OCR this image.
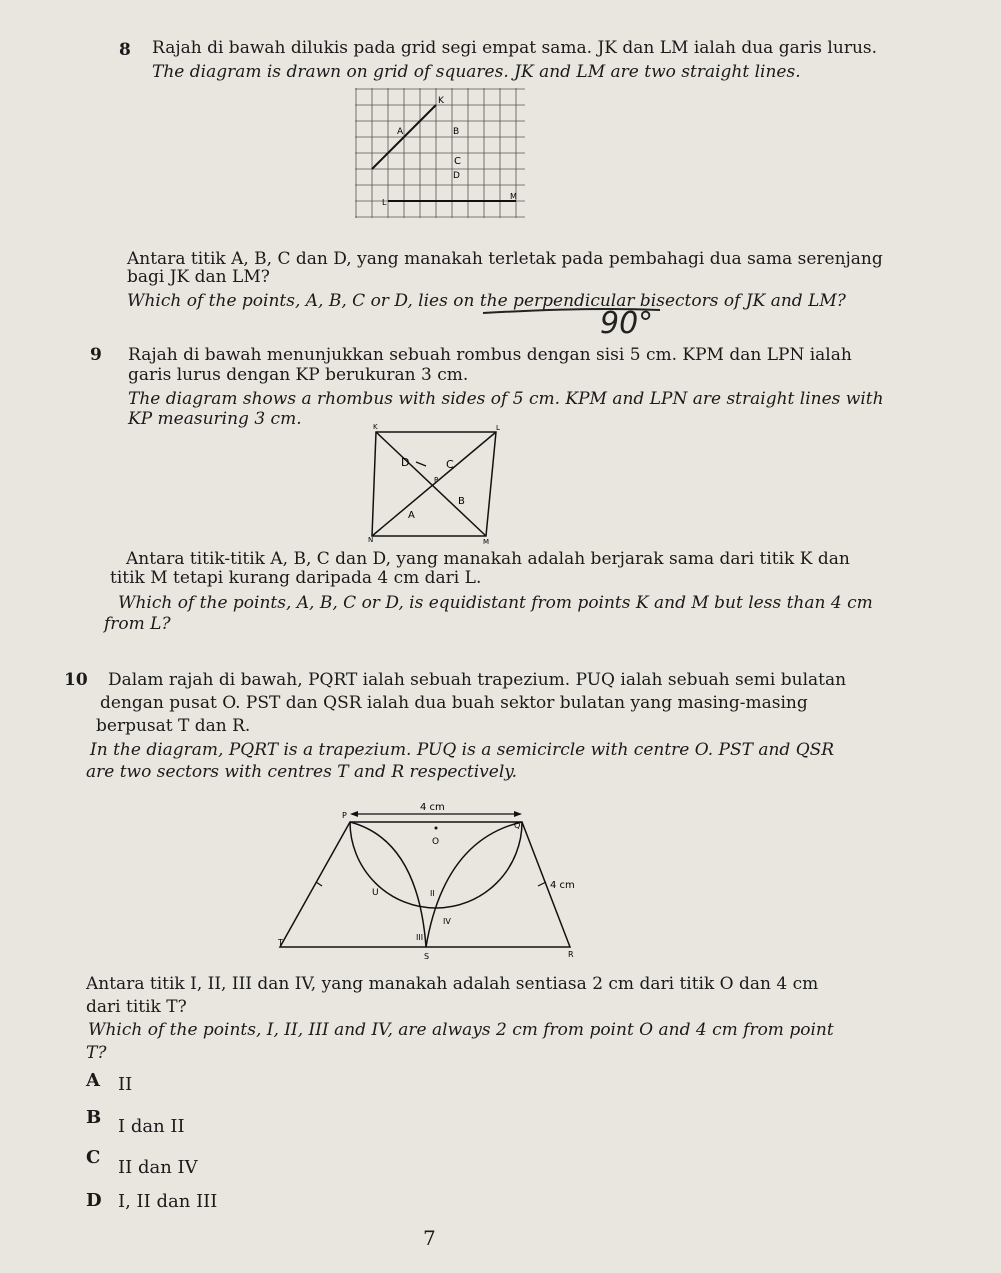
8 Rajah di bawah dilukis pada grid segi empat sama. JK dan LM ialah dua garis lurus.
The diagram is drawn on grid of squares. JK and LM are two straight lines.
K
A	B
C
D
L
M
Antara titik A, B, C dan D, yang manakah terletak pada pembahagi dua sama serenjang
bagi JK dan LM?
Which of the points, A, B, C or D, lies on the perpendicular bisectors of JK and LM?
90°
9 Rajah di bawah menunjukkan sebuah rombus dengan sisi 5 cm. KPM dan LPN ialah
garis lurus dengan KP berukuran 3 cm.
The diagram shows a rhombus with sides of 5 cm. KPM and LPN are straight lines with
KP measuring 3 cm.	K	L
N	M
D	C
P
B
A
Antara titik-titik A, B, C dan D, yang manakah adalah berjarak sama dari titik K dan
titik M tetapi kurang daripada 4 cm dari L.
Which of the points, A, B, C or D, is equidistant from points K and M but less than 4 cm
from L?
10 Dalam rajah di bawah, PQRT ialah sebuah trapezium. PUQ ialah sebuah semi bulatan
dengan pusat O. PST dan QSR ialah dua buah sektor bulatan yang masing-masing
berpusat T dan R.
In the diagram, PQRT is a trapezium. PUQ is a semicircle with centre O. PST and QSR
are two sectors with centres T and R respectively.
P
Q
O
U	II
IV
III
S
T
R
4 cm
4 cm
Antara titik I, II, III dan IV, yang manakah adalah sentiasa 2 cm dari titik O dan 4 cm
dari titik T?
Which of the points, I, II, III and IV, are always 2 cm from point O and 4 cm from point
T?
A II
B I dan II
C II dan IV
D I, II dan III
7
